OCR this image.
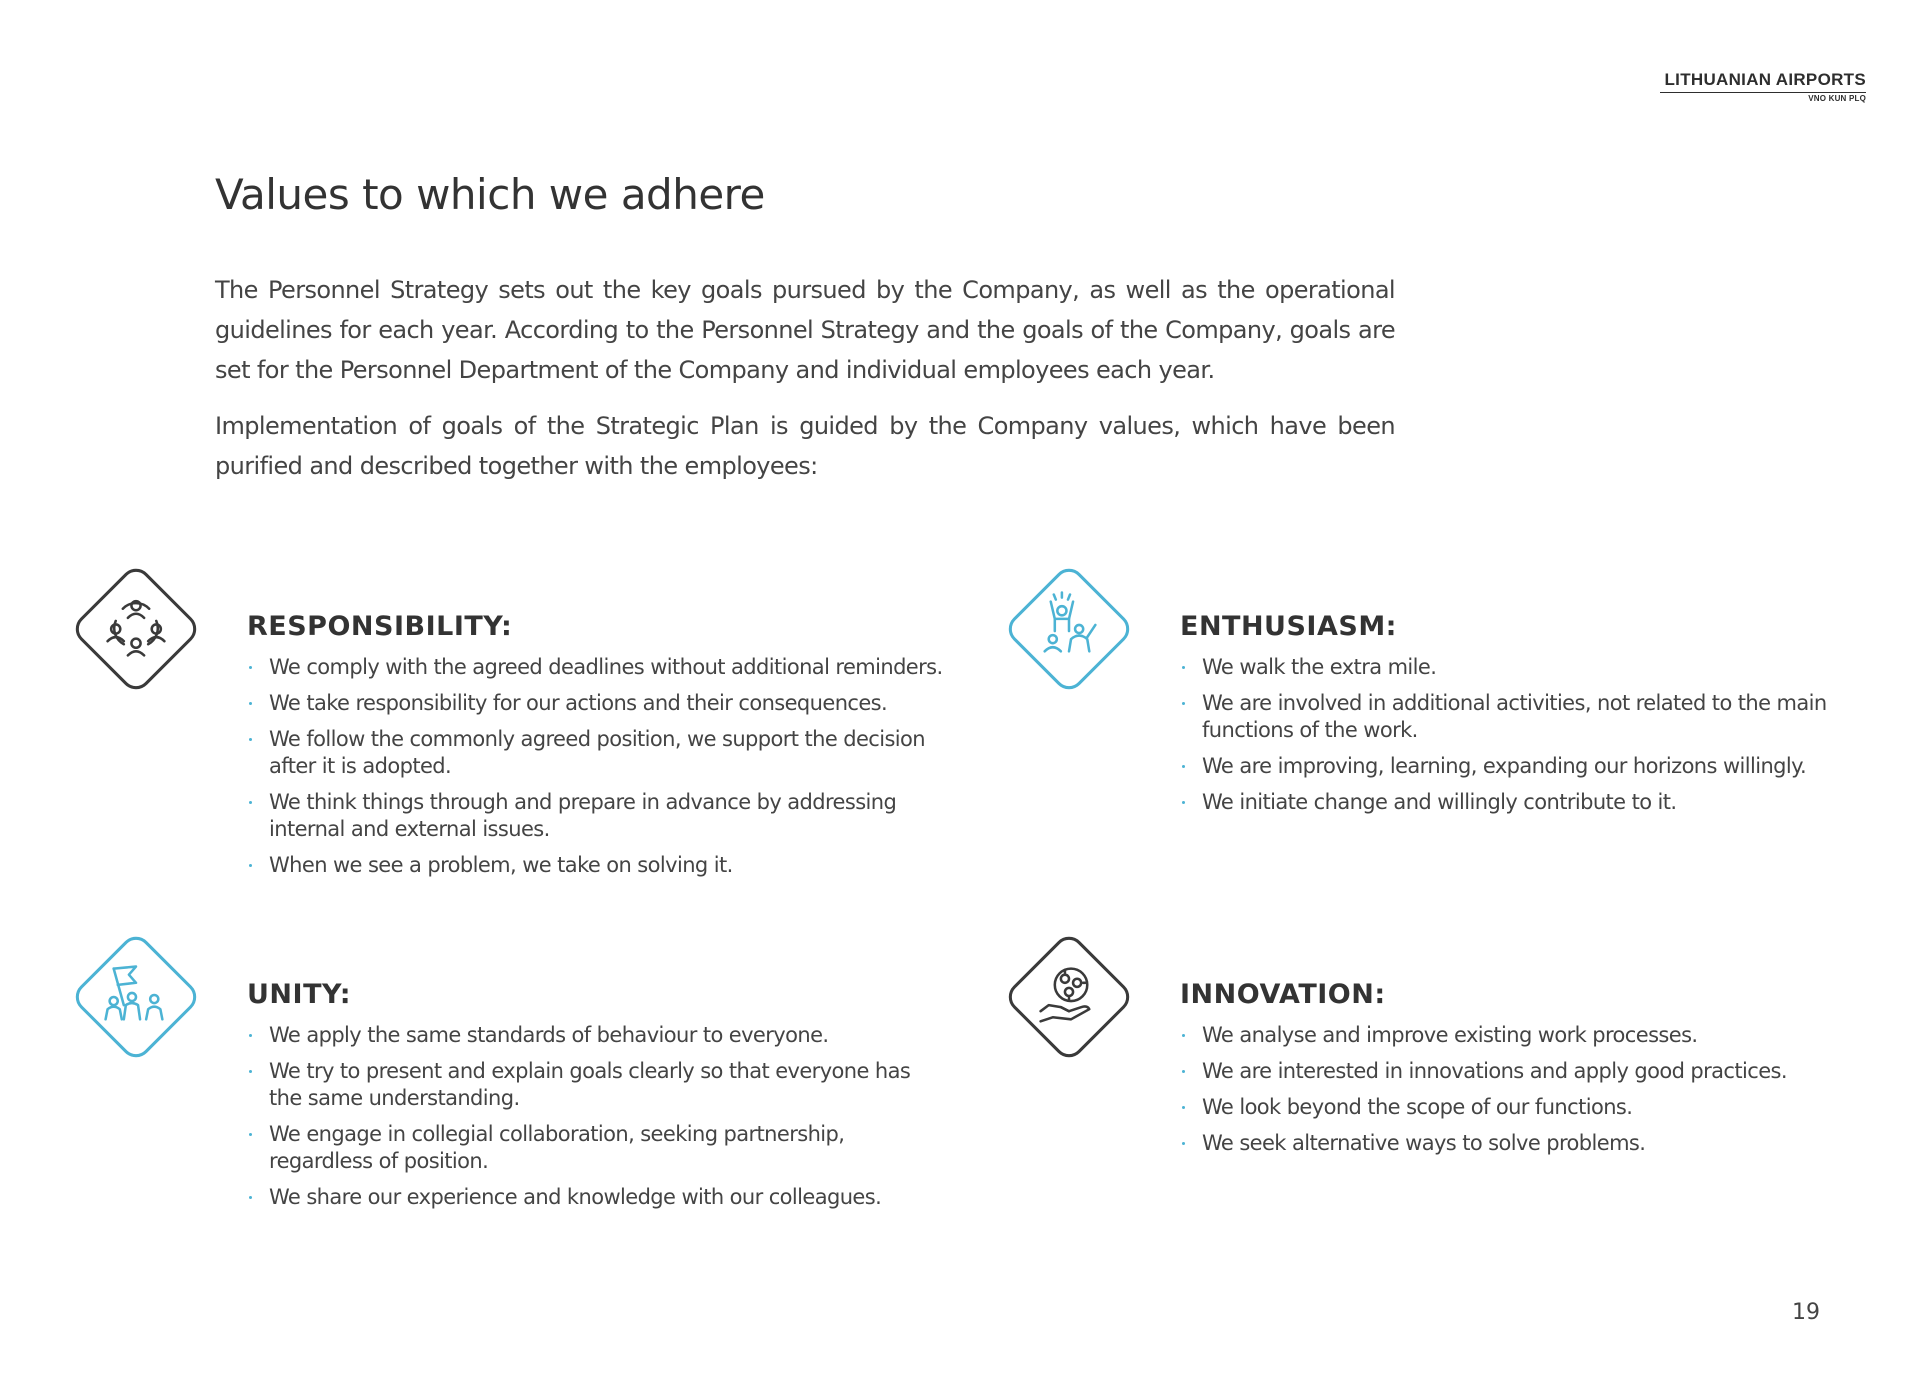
LITHUANIAN AIRPORTS
VNO KUN PLQ
Values to which we adhere

The Personnel Strategy sets out the key goals pursued by the Company, as well as the operational guidelines for each year. According to the Personnel Strategy and the goals of the Company, goals are set for the Personnel Department of the Company and individual employees each year.

Implementation of goals of the Strategic Plan is guided by the Company values, which have been purified and described together with the employees:

RESPONSIBILITY:
We comply with the agreed deadlines without additional reminders.
We take responsibility for our actions and their consequences.
We follow the commonly agreed position, we support the decision after it is adopted.
We think things through and prepare in advance by addressing internal and external issues.
When we see a problem, we take on solving it.
ENTHUSIASM:
We walk the extra mile.
We are involved in additional activities, not related to the main functions of the work.
We are improving, learning, expanding our horizons willingly.
We initiate change and willingly contribute to it.
UNITY:
We apply the same standards of behaviour to everyone.
We try to present and explain goals clearly so that everyone has the same understanding.
We engage in collegial collaboration, seeking partnership, regardless of position.
We share our experience and knowledge with our colleagues.
INNOVATION:
We analyse and improve existing work processes.
We are interested in innovations and apply good practices.
We look beyond the scope of our functions.
We seek alternative ways to solve problems.
19
